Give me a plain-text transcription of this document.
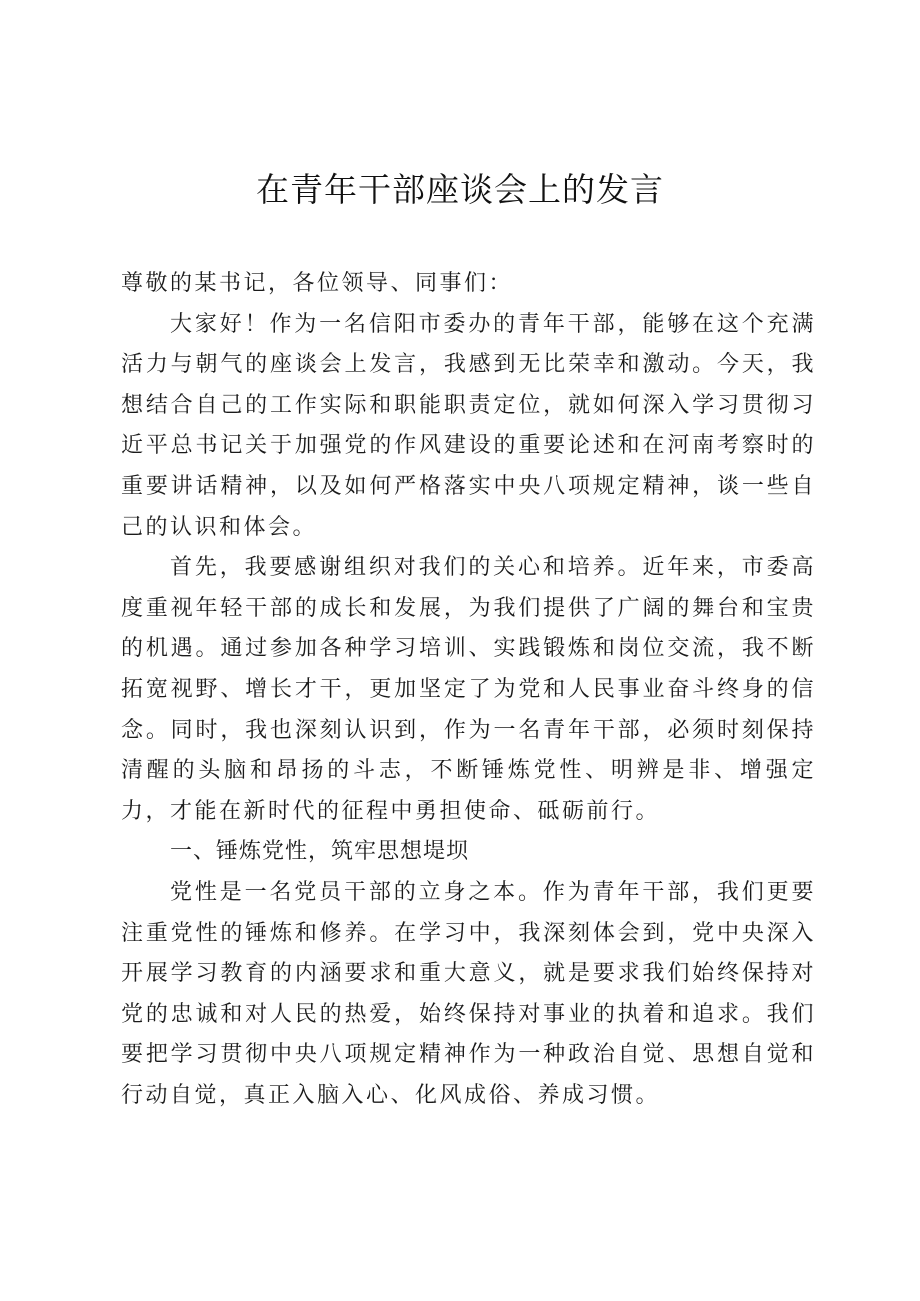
在青年干部座谈会上的发言

尊敬的某书记，各位领导、同事们：

大家好！作为一名信阳市委办的青年干部，能够在这个充满活力与朝气的座谈会上发言，我感到无比荣幸和激动。今天，我想结合自己的工作实际和职能职责定位，就如何深入学习贯彻习近平总书记关于加强党的作风建设的重要论述和在河南考察时的重要讲话精神，以及如何严格落实中央八项规定精神，谈一些自己的认识和体会。

首先，我要感谢组织对我们的关心和培养。近年来，市委高度重视年轻干部的成长和发展，为我们提供了广阔的舞台和宝贵的机遇。通过参加各种学习培训、实践锻炼和岗位交流，我不断拓宽视野、增长才干，更加坚定了为党和人民事业奋斗终身的信念。同时，我也深刻认识到，作为一名青年干部，必须时刻保持清醒的头脑和昂扬的斗志，不断锤炼党性、明辨是非、增强定力，才能在新时代的征程中勇担使命、砥砺前行。

一、锤炼党性，筑牢思想堤坝

党性是一名党员干部的立身之本。作为青年干部，我们更要注重党性的锤炼和修养。在学习中，我深刻体会到，党中央深入开展学习教育的内涵要求和重大意义，就是要求我们始终保持对党的忠诚和对人民的热爱，始终保持对事业的执着和追求。我们要把学习贯彻中央八项规定精神作为一种政治自觉、思想自觉和行动自觉，真正入脑入心、化风成俗、养成习惯。
